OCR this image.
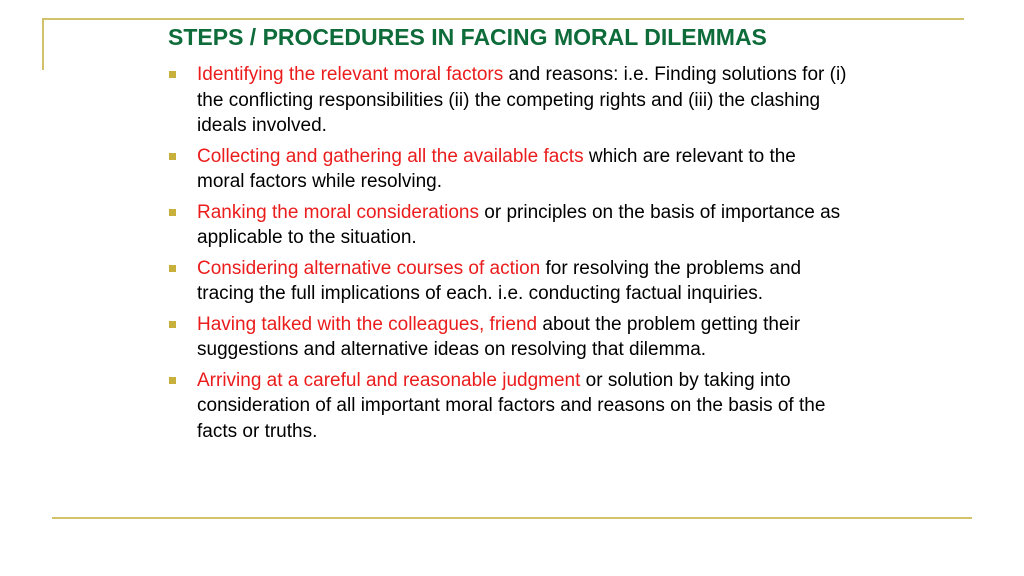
STEPS / PROCEDURES IN FACING MORAL DILEMMAS
Identifying the relevant moral factors and reasons: i.e. Finding solutions for (i) the conflicting responsibilities (ii) the competing rights and (iii) the clashing ideals involved.
Collecting and gathering all the available facts which are relevant to the moral factors while resolving.
Ranking the moral considerations or principles on the basis of importance as applicable to the situation.
Considering alternative courses of action for resolving the problems and tracing the full implications of each. i.e. conducting factual inquiries.
Having talked with the colleagues, friend about the problem getting their suggestions and alternative ideas on resolving that dilemma.
Arriving at a careful and reasonable judgment or solution by taking into consideration of all important moral factors and reasons on the basis of the facts or truths.
